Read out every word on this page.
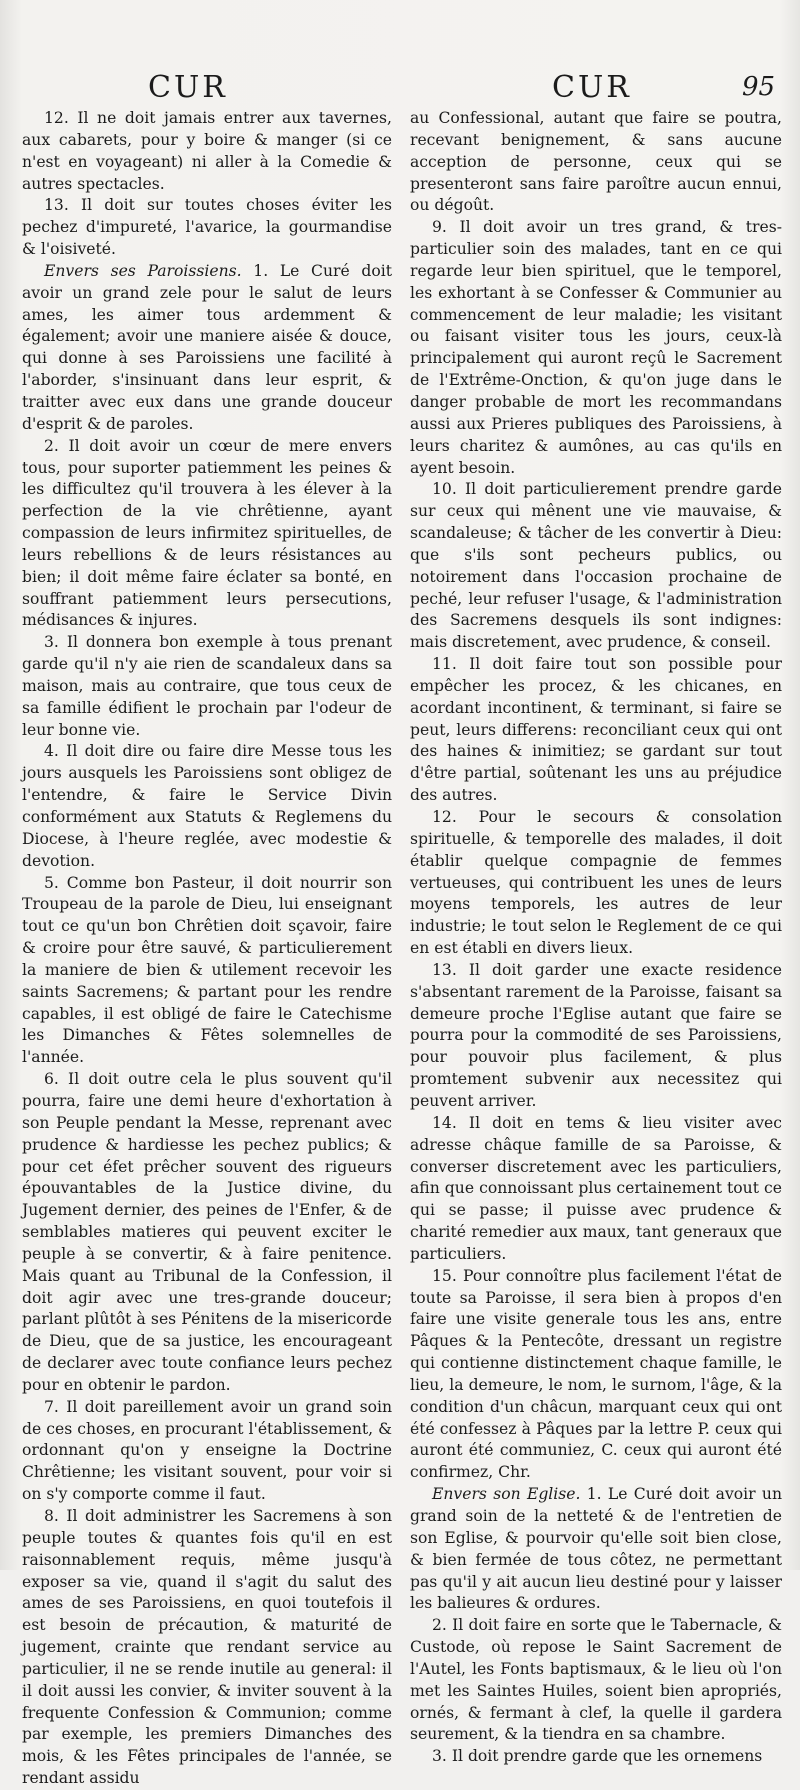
CUR	CUR	95

12. Il ne doit jamais entrer aux tavernes, aux cabarets, pour y boire & manger (si ce n'est en voyageant) ni aller à la Comedie & autres spectacles.

13. Il doit sur toutes choses éviter les pechez d'impureté, l'avarice, la gourmandise & l'oisiveté.

Envers ses Paroissiens. 1. Le Curé doit avoir un grand zele pour le salut de leurs ames, les aimer tous ardemment & également; avoir une maniere aisée & douce, qui donne à ses Paroissiens une facilité à l'aborder, s'insinuant dans leur esprit, & traitter avec eux dans une grande douceur d'esprit & de paroles.

2. Il doit avoir un cœur de mere envers tous, pour suporter patiemment les peines & les difficultez qu'il trouvera à les élever à la perfection de la vie chrêtienne, ayant compassion de leurs infirmitez spirituelles, de leurs rebellions & de leurs résistances au bien; il doit même faire éclater sa bonté, en souffrant patiemment leurs persecutions, médisances & injures.

3. Il donnera bon exemple à tous prenant garde qu'il n'y aie rien de scandaleux dans sa maison, mais au contraire, que tous ceux de sa famille édifient le prochain par l'odeur de leur bonne vie.

4. Il doit dire ou faire dire Messe tous les jours ausquels les Paroissiens sont obligez de l'entendre, & faire le Service Divin conformément aux Statuts & Reglemens du Diocese, à l'heure reglée, avec modestie & devotion.

5. Comme bon Pasteur, il doit nourrir son Troupeau de la parole de Dieu, lui enseignant tout ce qu'un bon Chrêtien doit sçavoir, faire & croire pour être sauvé, & particulierement la maniere de bien & utilement recevoir les saints Sacremens; & partant pour les rendre capables, il est obligé de faire le Catechisme les Dimanches & Fêtes solemnelles de l'année.

6. Il doit outre cela le plus souvent qu'il pourra, faire une demi heure d'exhortation à son Peuple pendant la Messe, reprenant avec prudence & hardiesse les pechez publics; & pour cet éfet prêcher souvent des rigueurs épouvantables de la Justice divine, du Jugement dernier, des peines de l'Enfer, & de semblables matieres qui peuvent exciter le peuple à se convertir, & à faire penitence. Mais quant au Tribunal de la Confession, il doit agir avec une tres-grande douceur; parlant plûtôt à ses Pénitens de la misericorde de Dieu, que de sa justice, les encourageant de declarer avec toute confiance leurs pechez pour en obtenir le pardon.

7. Il doit pareillement avoir un grand soin de ces choses, en procurant l'établissement, & ordonnant qu'on y enseigne la Doctrine Chrêtienne; les visitant souvent, pour voir si on s'y comporte comme il faut.

8. Il doit administrer les Sacremens à son peuple toutes & quantes fois qu'il en est raisonnablement requis, même jusqu'à exposer sa vie, quand il s'agit du salut des ames de ses Paroissiens, en quoi toutefois il est besoin de précaution, & maturité de jugement, crainte que rendant service au particulier, il ne se rende inutile au general: il il doit aussi les convier, & inviter souvent à la frequente Confession & Communion; comme par exemple, les premiers Dimanches des mois, & les Fêtes principales de l'année, se rendant assidu

au Confessional, autant que faire se poutra, recevant benignement, & sans aucune acception de personne, ceux qui se presenteront sans faire paroître aucun ennui, ou dégoût.

9. Il doit avoir un tres grand, & tres-particulier soin des malades, tant en ce qui regarde leur bien spirituel, que le temporel, les exhortant à se Confesser & Communier au commencement de leur maladie; les visitant ou faisant visiter tous les jours, ceux-là principalement qui auront reçû le Sacrement de l'Extrême-Onction, & qu'on juge dans le danger probable de mort les recommandans aussi aux Prieres publiques des Paroissiens, à leurs charitez & aumônes, au cas qu'ils en ayent besoin.

10. Il doit particulierement prendre garde sur ceux qui mênent une vie mauvaise, & scandaleuse; & tâcher de les convertir à Dieu: que s'ils sont pecheurs publics, ou notoirement dans l'occasion prochaine de peché, leur refuser l'usage, & l'administration des Sacremens desquels ils sont indignes: mais discretement, avec prudence, & conseil.

11. Il doit faire tout son possible pour empêcher les procez, & les chicanes, en acordant incontinent, & terminant, si faire se peut, leurs differens: reconciliant ceux qui ont des haines & inimitiez; se gardant sur tout d'être partial, soûtenant les uns au préjudice des autres.

12. Pour le secours & consolation spirituelle, & temporelle des malades, il doit établir quelque compagnie de femmes vertueuses, qui contribuent les unes de leurs moyens temporels, les autres de leur industrie; le tout selon le Reglement de ce qui en est établi en divers lieux.

13. Il doit garder une exacte residence s'absentant rarement de la Paroisse, faisant sa demeure proche l'Eglise autant que faire se pourra pour la commodité de ses Paroissiens, pour pouvoir plus facilement, & plus promtement subvenir aux necessitez qui peuvent arriver.

14. Il doit en tems & lieu visiter avec adresse châque famille de sa Paroisse, & converser discretement avec les particuliers, afin que connoissant plus certainement tout ce qui se passe; il puisse avec prudence & charité remedier aux maux, tant generaux que particuliers.

15. Pour connoître plus facilement l'état de toute sa Paroisse, il sera bien à propos d'en faire une visite generale tous les ans, entre Pâques & la Pentecôte, dressant un registre qui contienne distinctement chaque famille, le lieu, la demeure, le nom, le surnom, l'âge, & la condition d'un châcun, marquant ceux qui ont été confessez à Pâques par la lettre P. ceux qui auront été communiez, C. ceux qui auront été confirmez, Chr.

Envers son Eglise. 1. Le Curé doit avoir un grand soin de la netteté & de l'entretien de son Eglise, & pourvoir qu'elle soit bien close, & bien fermée de tous côtez, ne permettant pas qu'il y ait aucun lieu destiné pour y laisser les balieures & ordures.

2. Il doit faire en sorte que le Tabernacle, & Custode, où repose le Saint Sacrement de l'Autel, les Fonts baptismaux, & le lieu où l'on met les Saintes Huiles, soient bien apropriés, ornés, & fermant à clef, la quelle il gardera seurement, & la tiendra en sa chambre.

3. Il doit prendre garde que les ornemens
